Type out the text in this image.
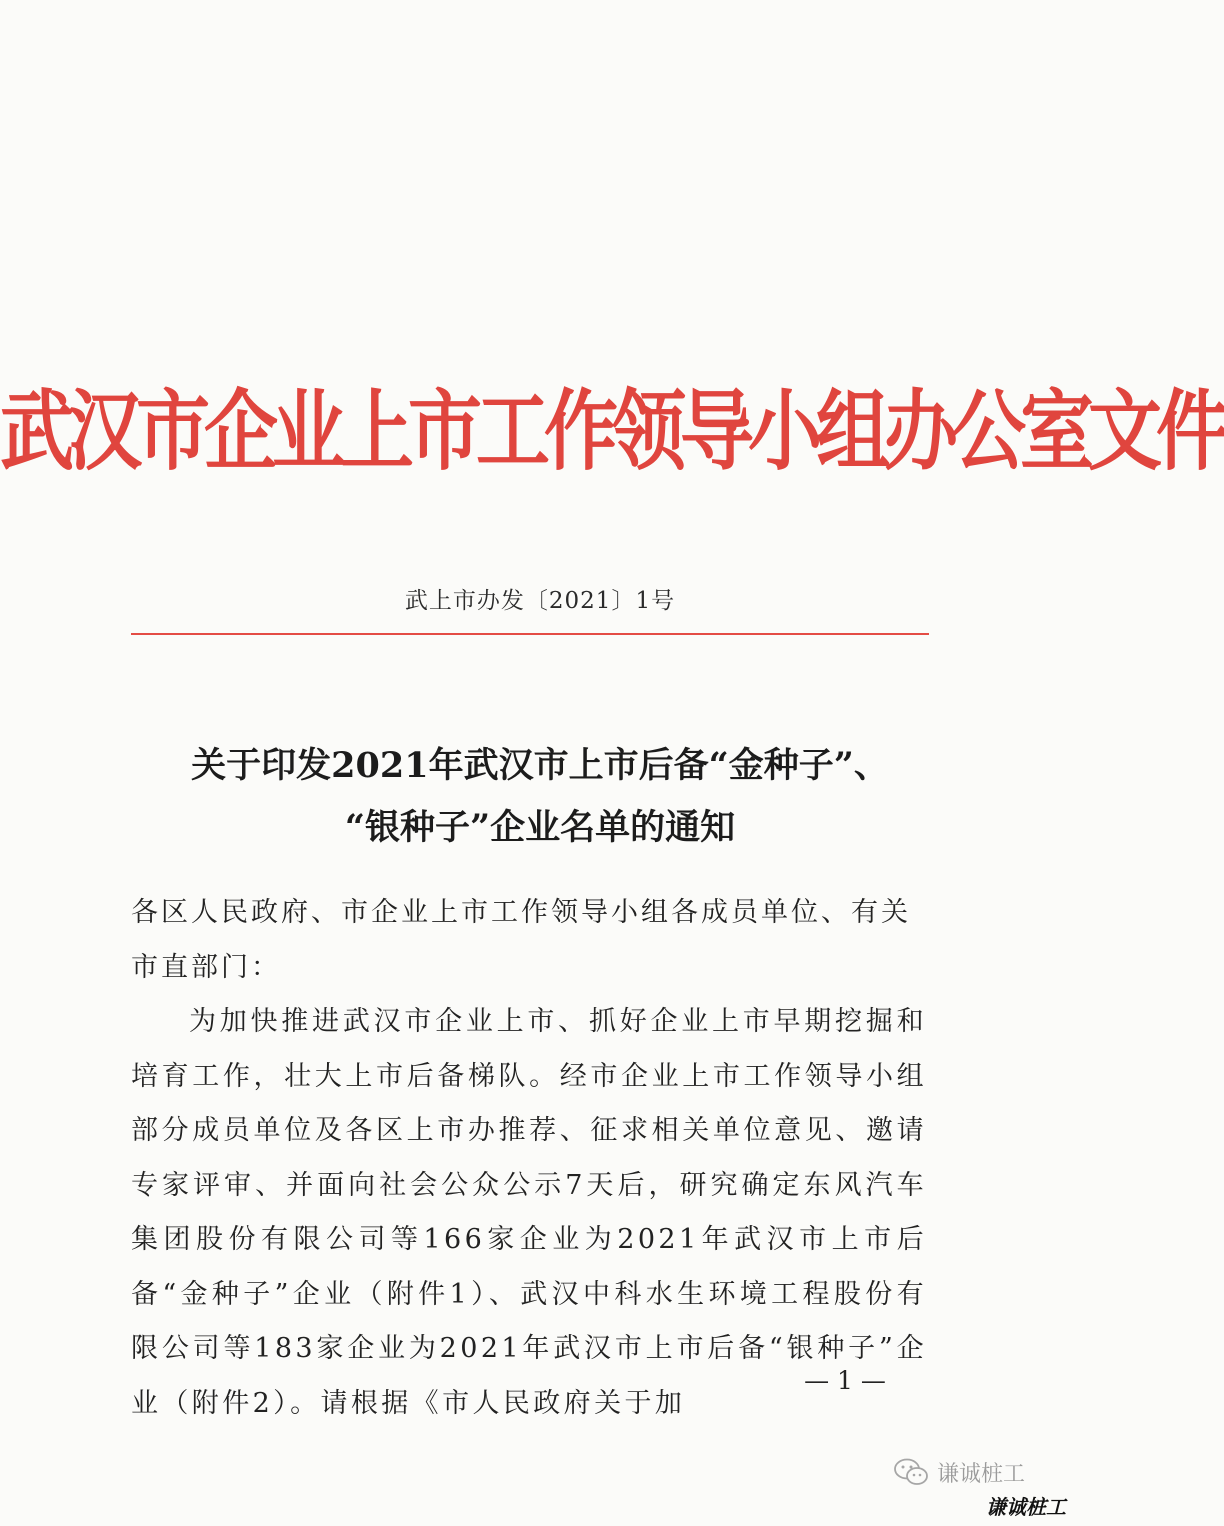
武汉市企业上市工作领导小组办公室文件
武上市办发〔2021〕1号
关于印发2021年武汉市上市后备“金种子”、
“银种子”企业名单的通知

各区人民政府、市企业上市工作领导小组各成员单位、有关市直部门：

为加快推进武汉市企业上市、抓好企业上市早期挖掘和培育工作，壮大上市后备梯队。经市企业上市工作领导小组部分成员单位及各区上市办推荐、征求相关单位意见、邀请专家评审、并面向社会公众公示7天后，研究确定东风汽车集团股份有限公司等166家企业为2021年武汉市上市后备“金种子”企业（附件1）、武汉中科水生环境工程股份有限公司等183家企业为2021年武汉市上市后备“银种子”企业（附件2）。请根据《市人民政府关于加

— 1 —
谦诚桩工
谦诚桩工
